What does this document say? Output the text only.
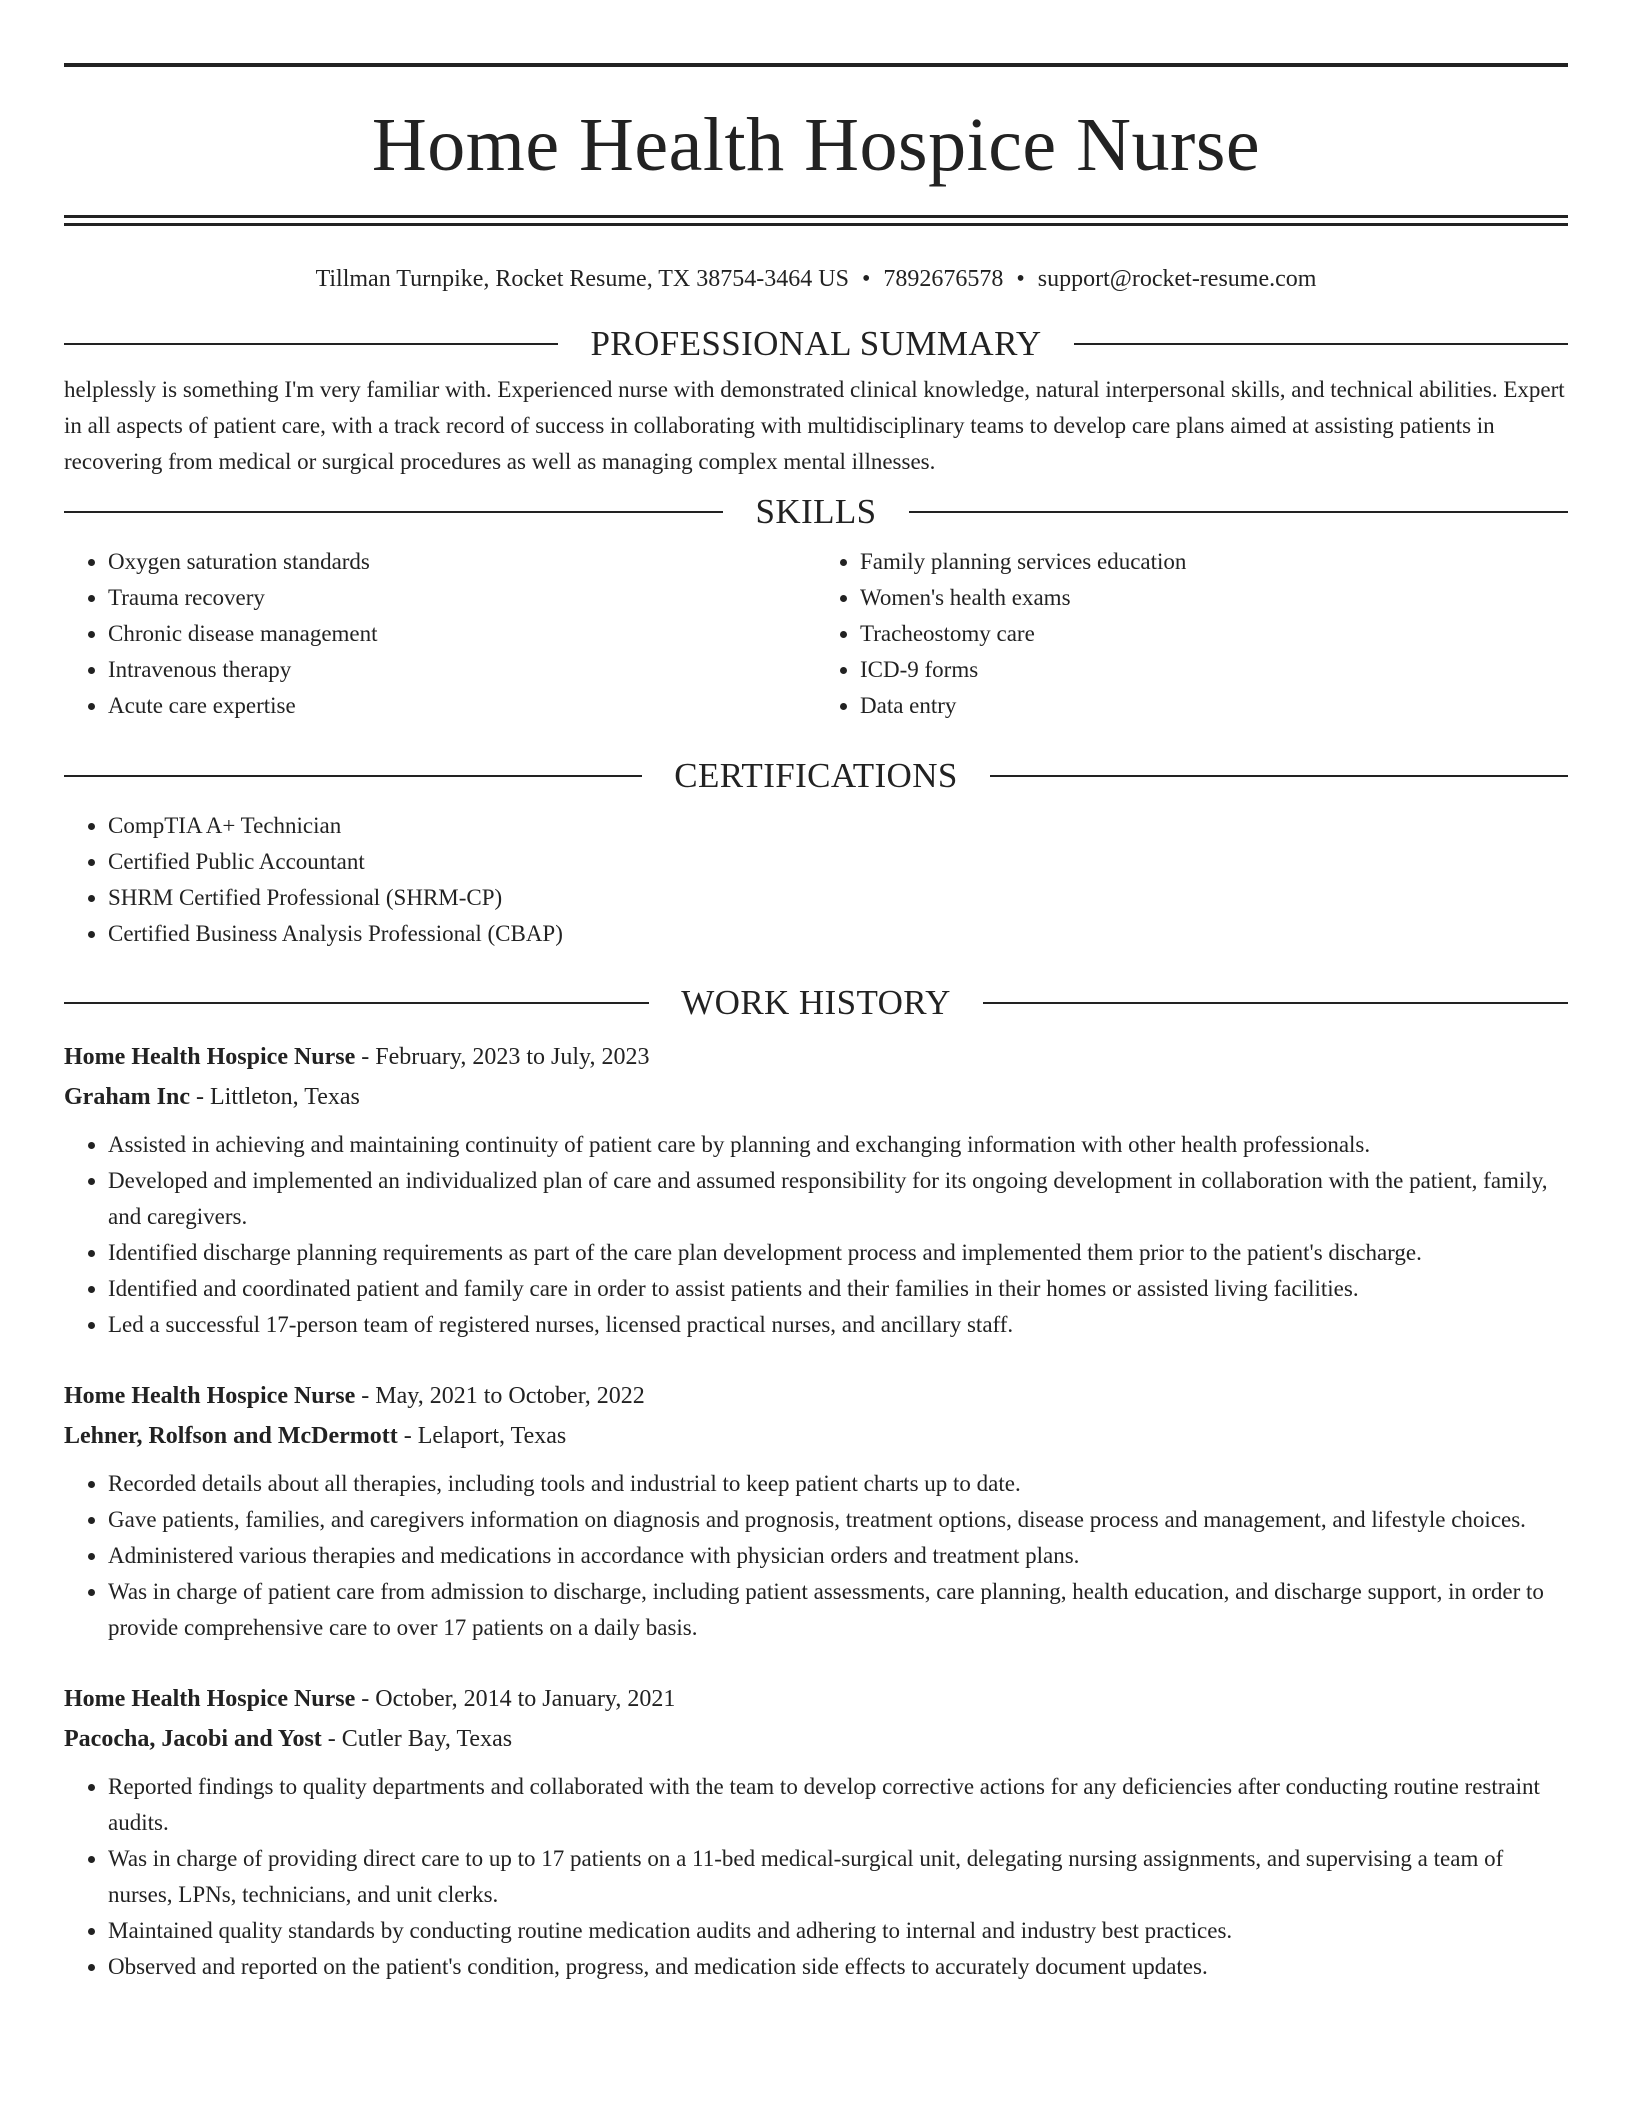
Home Health Hospice Nurse
Tillman Turnpike, Rocket Resume, TX 38754-3464 US • 7892676578 • support@rocket-resume.com
PROFESSIONAL SUMMARY
helplessly is something I'm very familiar with. Experienced nurse with demonstrated clinical knowledge, natural interpersonal skills, and technical abilities. Expert in all aspects of patient care, with a track record of success in collaborating with multidisciplinary teams to develop care plans aimed at assisting patients in recovering from medical or surgical procedures as well as managing complex mental illnesses.
SKILLS
• Oxygen saturation standards
• Trauma recovery
• Chronic disease management
• Intravenous therapy
• Acute care expertise
• Family planning services education
• Women's health exams
• Tracheostomy care
• ICD-9 forms
• Data entry
CERTIFICATIONS
• CompTIA A+ Technician
• Certified Public Accountant
• SHRM Certified Professional (SHRM-CP)
• Certified Business Analysis Professional (CBAP)
WORK HISTORY
Home Health Hospice Nurse - February, 2023 to July, 2023
Graham Inc - Littleton, Texas
• Assisted in achieving and maintaining continuity of patient care by planning and exchanging information with other health professionals.
• Developed and implemented an individualized plan of care and assumed responsibility for its ongoing development in collaboration with the patient, family, and caregivers.
• Identified discharge planning requirements as part of the care plan development process and implemented them prior to the patient's discharge.
• Identified and coordinated patient and family care in order to assist patients and their families in their homes or assisted living facilities.
• Led a successful 17-person team of registered nurses, licensed practical nurses, and ancillary staff.
Home Health Hospice Nurse - May, 2021 to October, 2022
Lehner, Rolfson and McDermott - Lelaport, Texas
• Recorded details about all therapies, including tools and industrial to keep patient charts up to date.
• Gave patients, families, and caregivers information on diagnosis and prognosis, treatment options, disease process and management, and lifestyle choices.
• Administered various therapies and medications in accordance with physician orders and treatment plans.
• Was in charge of patient care from admission to discharge, including patient assessments, care planning, health education, and discharge support, in order to provide comprehensive care to over 17 patients on a daily basis.
Home Health Hospice Nurse - October, 2014 to January, 2021
Pacocha, Jacobi and Yost - Cutler Bay, Texas
• Reported findings to quality departments and collaborated with the team to develop corrective actions for any deficiencies after conducting routine restraint audits.
• Was in charge of providing direct care to up to 17 patients on a 11-bed medical-surgical unit, delegating nursing assignments, and supervising a team of nurses, LPNs, technicians, and unit clerks.
• Maintained quality standards by conducting routine medication audits and adhering to internal and industry best practices.
• Observed and reported on the patient's condition, progress, and medication side effects to accurately document updates.
